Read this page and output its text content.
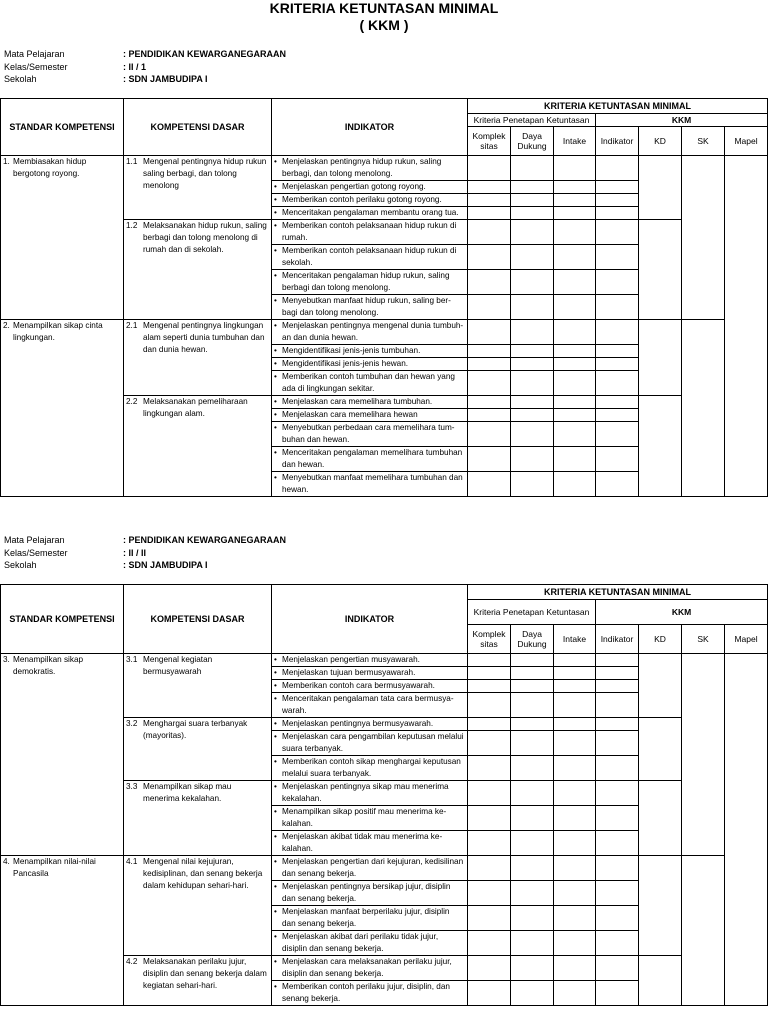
KRITERIA KETUNTASAN MINIMAL
( KKM )
Mata Pelajaran	: PENDIDIKAN KEWARGANEGARAAN
Kelas/Semester	: II / 1
Sekolah	: SDN JAMBUDIPA I
STANDAR KOMPETENSI	KOMPETENSI DASAR	INDIKATOR	KRITERIA KETUNTASAN MINIMAL						
			Kriteria Penetapan Ketuntasan			KKM			
			Komplek sitas	Daya Dukung	Intake	Indikator	KD	SK	Mapel

1. Membiasakan hidup bergotong royong.	1.1 Mengenal pentingnya hidup rukun saling berbagi, dan tolong menolong	• Menjelaskan pentingnya hidup rukun, saling berbagi, dan tolong menolong.							

		• Menjelaskan pengertian gotong royong.							

		• Memberikan contoh perilaku gotong royong.							

		• Menceritakan pengalaman membantu orang tua.							

	1.2 Melaksanakan hidup rukun, saling berbagi dan tolong menolong di rumah dan di sekolah.	• Memberikan contoh pelaksanaan hidup rukun di rumah.							

		• Memberikan contoh pelaksanaan hidup rukun di sekolah.							

		• Menceritakan pengalaman hidup rukun, saling berbagi dan tolong menolong.							

		• Menyebutkan manfaat hidup rukun, saling ber-bagi dan tolong menolong.							

2. Menampilkan sikap cinta lingkungan.	2.1 Mengenal pentingnya lingkungan alam seperti dunia tumbuhan dan dan dunia hewan.	• Menjelaskan pentingnya mengenal dunia tumbuh-an dan dunia hewan.							

		• Mengidentifikasi jenis-jenis tumbuhan.							

		• Mengidentifikasi jenis-jenis hewan.							

		• Memberikan contoh tumbuhan dan hewan yang ada di lingkungan sekitar.							

	2.2 Melaksanakan pemeliharaan lingkungan alam.	• Menjelaskan cara memelihara tumbuhan.							

		• Menjelaskan cara memelihara hewan							

		• Menyebutkan perbedaan cara memelihara tum-buhan dan hewan.							

		• Menceritakan pengalaman memelihara tumbuhan dan hewan.							

		• Menyebutkan manfaat memelihara tumbuhan dan hewan.							

Mata Pelajaran	: PENDIDIKAN KEWARGANEGARAAN
Kelas/Semester	: II / II
Sekolah	: SDN JAMBUDIPA I
STANDAR KOMPETENSI	KOMPETENSI DASAR	INDIKATOR	KRITERIA KETUNTASAN MINIMAL						
			Kriteria Penetapan Ketuntasan			KKM			
			Komplek sitas	Daya Dukung	Intake	Indikator	KD	SK	Mapel

3. Menampilkan sikap demokratis.	3.1 Mengenal kegiatan bermusyawarah	• Menjelaskan pengertian musyawarah.							

		• Menjelaskan tujuan bermusyawarah.							

		• Memberikan contoh cara bermusyawarah.							

		• Menceritakan pengalaman tata cara bermusya-warah.							

	3.2 Menghargai suara terbanyak (mayoritas).	• Menjelaskan pentingnya bermusyawarah.							

		• Menjelaskan cara pengambilan keputusan melalui suara terbanyak.							

		• Memberikan contoh sikap menghargai keputusan melalui suara terbanyak.							

	3.3 Menampilkan sikap mau menerima kekalahan.	• Menjelaskan pentingnya sikap mau menerima kekalahan.							

		• Menampilkan sikap positif mau menerima ke-kalahan.							

		• Menjelaskan akibat tidak mau menerima ke-kalahan.							

4. Menampilkan nilai-nilai Pancasila	4.1 Mengenal nilai kejujuran, kedisiplinan, dan senang bekerja dalam kehidupan sehari-hari.	• Menjelaskan pengertian dari kejujuran, kedisilinan dan senang bekerja.							

		• Menjelaskan pentingnya bersikap jujur, disiplin dan senang bekerja.							

		• Menjelaskan manfaat berperilaku jujur, disiplin dan senang bekerja.							

		• Menjelaskan akibat dari perilaku tidak jujur, disiplin dan senang bekerja.							

	4.2 Melaksanakan perilaku jujur, disiplin dan senang bekerja dalam kegiatan sehari-hari.	• Menjelaskan cara melaksanakan perilaku jujur, disiplin dan senang bekerja.							

		• Memberikan contoh perilaku jujur, disiplin, dan senang bekerja.							
